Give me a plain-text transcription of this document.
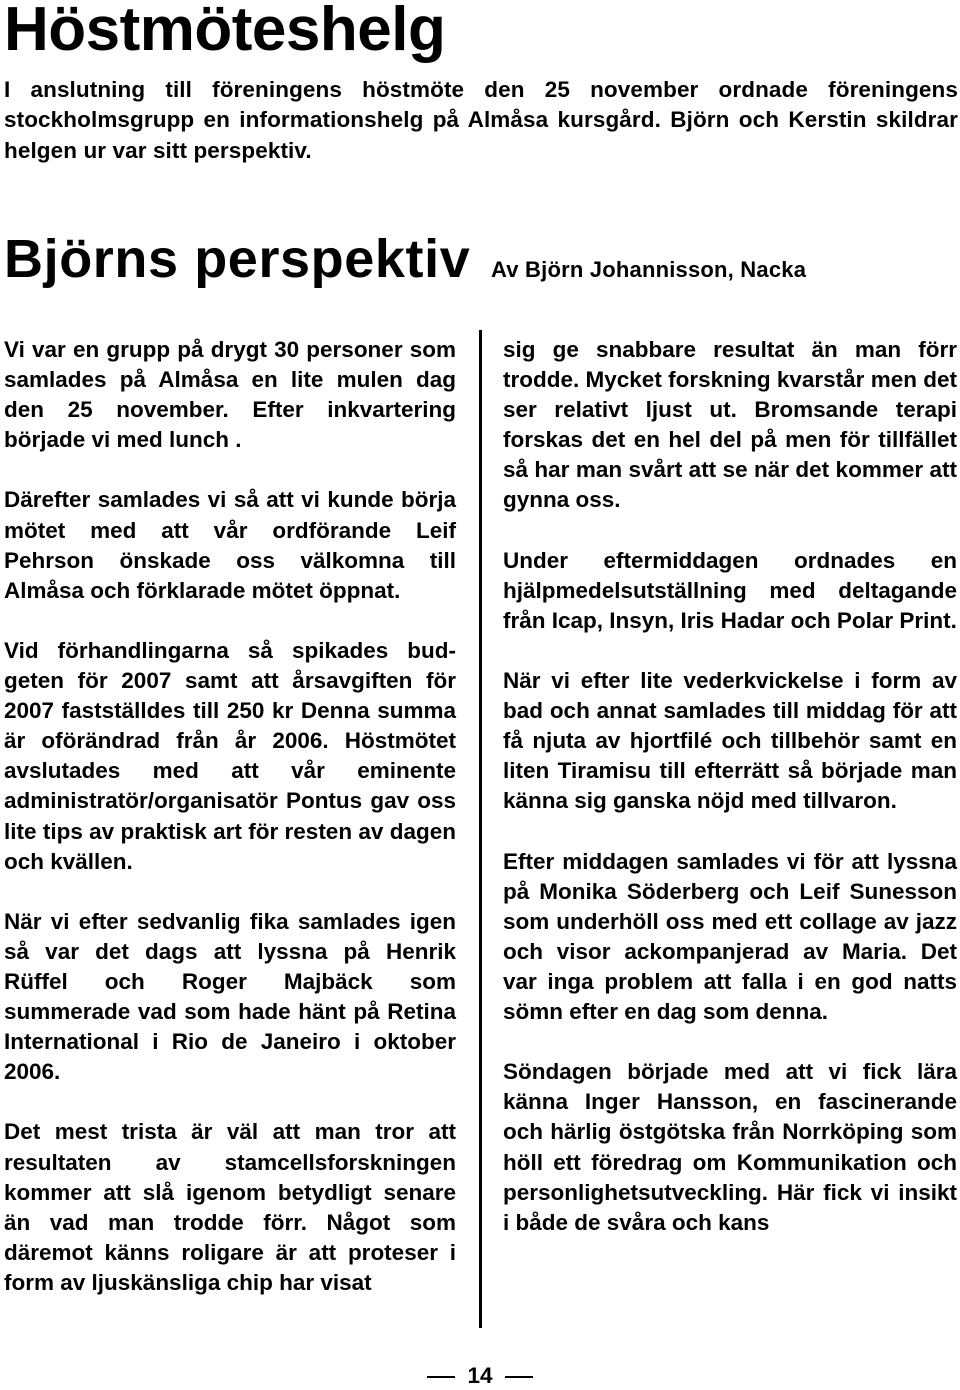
Höstmöteshelg

I anslutning till föreningens höstmöte den 25 november ordnade föreningens stockholmsgrupp en informationshelg på Almåsa kursgård. Björn och Kerstin skildrar helgen ur var sitt perspektiv.

Björns perspektiv Av Björn Johannisson, Nacka

Vi var en grupp på drygt 30 personer som samlades på Almåsa en lite mulen dag den 25 november. Efter inkvartering började vi med lunch .

Därefter samlades vi så att vi kunde börja mötet med att vår ordförande Leif Pehrson önskade oss välkomna till Almåsa och förklarade mötet öppnat.

Vid förhandlingarna så spikades budgeten för 2007 samt att årsavgiften för 2007 fastställdes till 250 kr Denna summa är oförändrad från år 2006. Höstmötet avslutades med att vår eminente administratör/organisatör Pontus gav oss lite tips av praktisk art för resten av dagen och kvällen.

När vi efter sedvanlig fika samlades igen så var det dags att lyssna på Henrik Rüffel och Roger Majbäck som summerade vad som hade hänt på Retina International i Rio de Janeiro i oktober 2006.

Det mest trista är väl att man tror att resultaten av stamcellsforskningen kommer att slå igenom betydligt senare än vad man trodde förr. Något som däremot känns roligare är att proteser i form av ljuskänsliga chip har visat

sig ge snabbare resultat än man förr trodde. Mycket forskning kvarstår men det ser relativt ljust ut. Bromsande terapi forskas det en hel del på men för tillfället så har man svårt att se när det kommer att gynna oss.

Under eftermiddagen ordnades en hjälpmedelsutställning med deltagande från Icap, Insyn, Iris Hadar och Polar Print.

När vi efter lite vederkvickelse i form av bad och annat samlades till middag för att få njuta av hjortfilé och tillbehör samt en liten Tiramisu till efterrätt så började man känna sig ganska nöjd med tillvaron.

Efter middagen samlades vi för att lyssna på Monika Söderberg och Leif Sunesson som underhöll oss med ett collage av jazz och visor ackompanjerad av Maria. Det var inga problem att falla i en god natts sömn efter en dag som denna.

Söndagen började med att vi fick lära känna Inger Hansson, en fascinerande och härlig östgötska från Norrköping som höll ett föredrag om Kommunikation och personlighetsutveckling. Här fick vi insikt i både de svåra och kans

14
